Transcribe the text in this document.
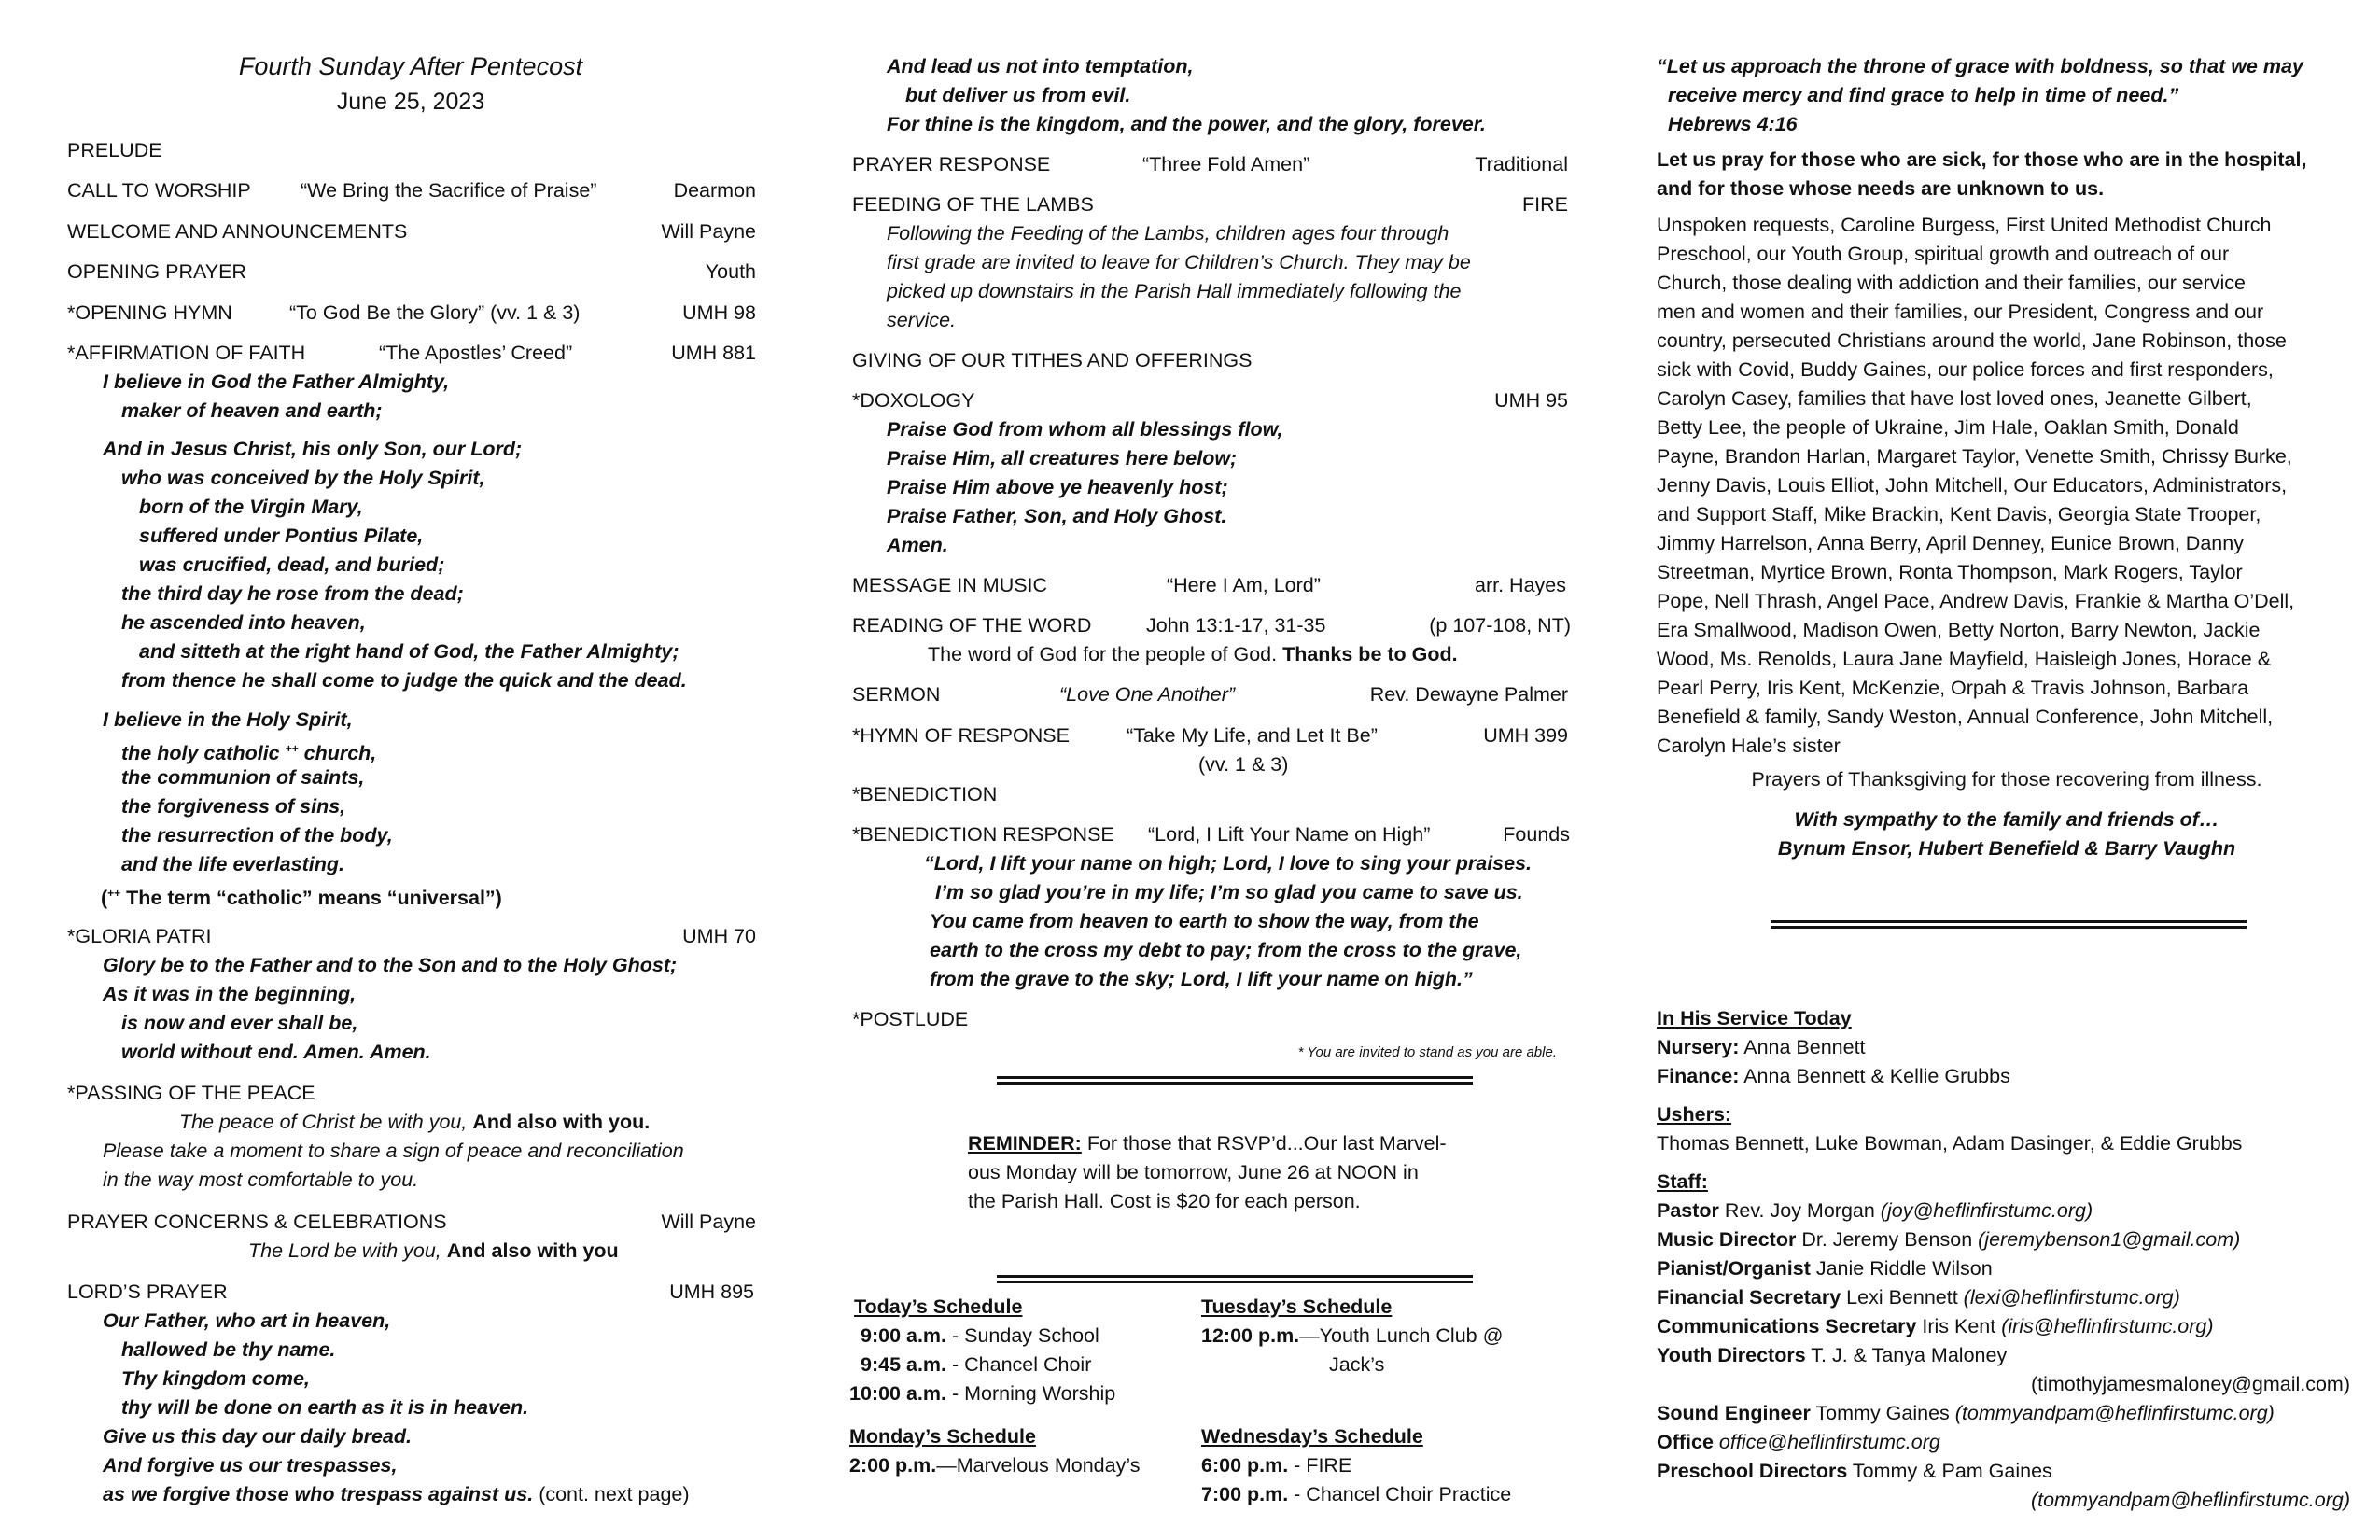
Fourth Sunday After Pentecost
June 25, 2023
PRELUDE
CALL TO WORSHIP “We Bring the Sacrifice of Praise”	Dearmon
WELCOME AND ANNOUNCEMENTS	Will Payne
OPENING PRAYER	Youth
*OPENING HYMN	“To God Be the Glory” (vv. 1 & 3)	UMH 98
*AFFIRMATION OF FAITH	“The Apostles’ Creed”	UMH 881
I believe in God the Father Almighty,
maker of heaven and earth;
And in Jesus Christ, his only Son, our Lord;
who was conceived by the Holy Spirit,
born of the Virgin Mary,
suffered under Pontius Pilate,
was crucified, dead, and buried;
the third day he rose from the dead;
he ascended into heaven,
and sitteth at the right hand of God, the Father Almighty;
from thence he shall come to judge the quick and the dead.
I believe in the Holy Spirit,
the holy catholic ++ church,
the communion of saints,
the forgiveness of sins,
the resurrection of the body,
and the life everlasting.
(++ The term “catholic” means “universal”)
*GLORIA PATRI	UMH 70
Glory be to the Father and to the Son and to the Holy Ghost;
As it was in the beginning,
is now and ever shall be,
world without end. Amen. Amen.
*PASSING OF THE PEACE
The peace of Christ be with you, And also with you.
Please take a moment to share a sign of peace and reconciliation
in the way most comfortable to you.
PRAYER CONCERNS & CELEBRATIONS	Will Payne
The Lord be with you, And also with you
LORD’S PRAYER	UMH 895
Our Father, who art in heaven,
hallowed be thy name.
Thy kingdom come,
thy will be done on earth as it is in heaven.
Give us this day our daily bread.
And forgive us our trespasses,
as we forgive those who trespass against us. (cont. next page)
And lead us not into temptation,
but deliver us from evil.
For thine is the kingdom, and the power, and the glory, forever.
PRAYER RESPONSE	“Three Fold Amen”	Traditional
FEEDING OF THE LAMBS	FIRE
Following the Feeding of the Lambs, children ages four through
first grade are invited to leave for Children’s Church. They may be
picked up downstairs in the Parish Hall immediately following the
service.
GIVING OF OUR TITHES AND OFFERINGS
*DOXOLOGY	UMH 95
Praise God from whom all blessings flow,
Praise Him, all creatures here below;
Praise Him above ye heavenly host;
Praise Father, Son, and Holy Ghost.
Amen.
MESSAGE IN MUSIC	“Here I Am, Lord”	arr. Hayes
READING OF THE WORD	John 13:1-17, 31-35	(p 107-108, NT)
The word of God for the people of God. Thanks be to God.
SERMON	“Love One Another”	Rev. Dewayne Palmer
*HYMN OF RESPONSE	“Take My Life, and Let It Be”	UMH 399
(vv. 1 & 3)
*BENEDICTION
*BENEDICTION RESPONSE “Lord, I Lift Your Name on High”	Founds
“Lord, I lift your name on high; Lord, I love to sing your praises.
I’m so glad you’re in my life; I’m so glad you came to save us.
You came from heaven to earth to show the way, from the
earth to the cross my debt to pay; from the cross to the grave,
from the grave to the sky; Lord, I lift your name on high.”
*POSTLUDE
* You are invited to stand as you are able.
REMINDER: For those that RSVP’d...Our last Marvel-
ous Monday will be tomorrow, June 26 at NOON in
the Parish Hall. Cost is $20 for each person.
Today’s Schedule
9:00 a.m. - Sunday School
9:45 a.m. - Chancel Choir
10:00 a.m. - Morning Worship
Tuesday’s Schedule
12:00 p.m.—Youth Lunch Club @
Jack’s
Monday’s Schedule
2:00 p.m.—Marvelous Monday’s
Wednesday’s Schedule
6:00 p.m. - FIRE
7:00 p.m. - Chancel Choir Practice
“Let us approach the throne of grace with boldness, so that we may
receive mercy and find grace to help in time of need.”
Hebrews 4:16
Let us pray for those who are sick, for those who are in the hospital,
and for those whose needs are unknown to us.
Unspoken requests, Caroline Burgess, First United Methodist Church
Preschool, our Youth Group, spiritual growth and outreach of our
Church, those dealing with addiction and their families, our service
men and women and their families, our President, Congress and our
country, persecuted Christians around the world, Jane Robinson, those
sick with Covid, Buddy Gaines, our police forces and first responders,
Carolyn Casey, families that have lost loved ones, Jeanette Gilbert,
Betty Lee, the people of Ukraine, Jim Hale, Oaklan Smith, Donald
Payne, Brandon Harlan, Margaret Taylor, Venette Smith, Chrissy Burke,
Jenny Davis, Louis Elliot, John Mitchell, Our Educators, Administrators,
and Support Staff, Mike Brackin, Kent Davis, Georgia State Trooper,
Jimmy Harrelson, Anna Berry, April Denney, Eunice Brown, Danny
Streetman, Myrtice Brown, Ronta Thompson, Mark Rogers, Taylor
Pope, Nell Thrash, Angel Pace, Andrew Davis, Frankie & Martha O’Dell,
Era Smallwood, Madison Owen, Betty Norton, Barry Newton, Jackie
Wood, Ms. Renolds, Laura Jane Mayfield, Haisleigh Jones, Horace &
Pearl Perry, Iris Kent, McKenzie, Orpah & Travis Johnson, Barbara
Benefield & family, Sandy Weston, Annual Conference, John Mitchell,
Carolyn Hale’s sister
Prayers of Thanksgiving for those recovering from illness.
With sympathy to the family and friends of…
Bynum Ensor, Hubert Benefield & Barry Vaughn
In His Service Today
Nursery: Anna Bennett
Finance: Anna Bennett & Kellie Grubbs
Ushers:
Thomas Bennett, Luke Bowman, Adam Dasinger, & Eddie Grubbs
Staff:
Pastor Rev. Joy Morgan (joy@heflinfirstumc.org)
Music Director Dr. Jeremy Benson (jeremybenson1@gmail.com)
Pianist/Organist Janie Riddle Wilson
Financial Secretary Lexi Bennett (lexi@heflinfirstumc.org)
Communications Secretary Iris Kent (iris@heflinfirstumc.org)
Youth Directors T. J. & Tanya Maloney
(timothyjamesmaloney@gmail.com)
Sound Engineer Tommy Gaines (tommyandpam@heflinfirstumc.org)
Office office@heflinfirstumc.org
Preschool Directors Tommy & Pam Gaines
(tommyandpam@heflinfirstumc.org)
